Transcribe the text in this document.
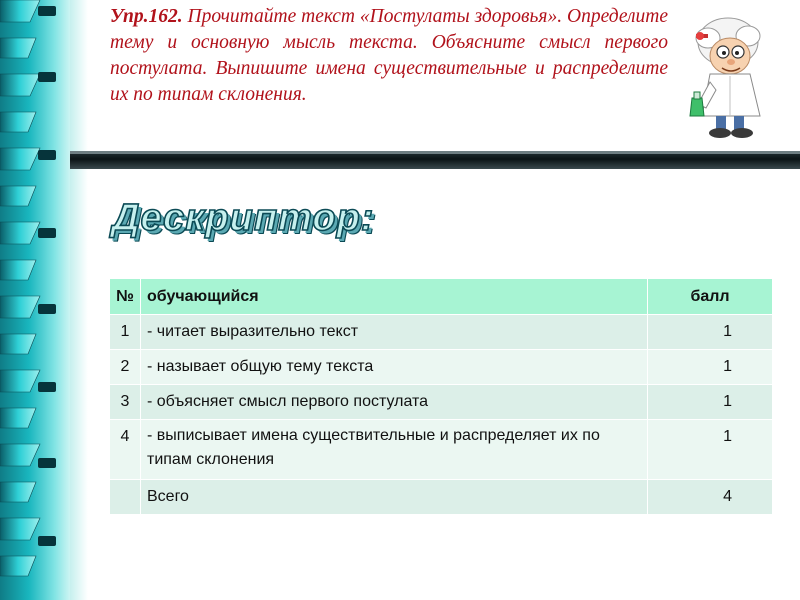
Упр.162. Прочитайте текст «Постулаты здоровья». Определите тему и основную мысль текста. Объясните смысл первого постулата. Выпишите имена существительные и распределите их по типам склонения.
Дескриптор:
№	обучающийся	балл
1	- читает выразительно текст	1
2	- называет общую тему текста	1
3	- объясняет смысл первого постулата	1
4	- выписывает имена существительные и распределяет их по типам склонения	1
	Всего	4
